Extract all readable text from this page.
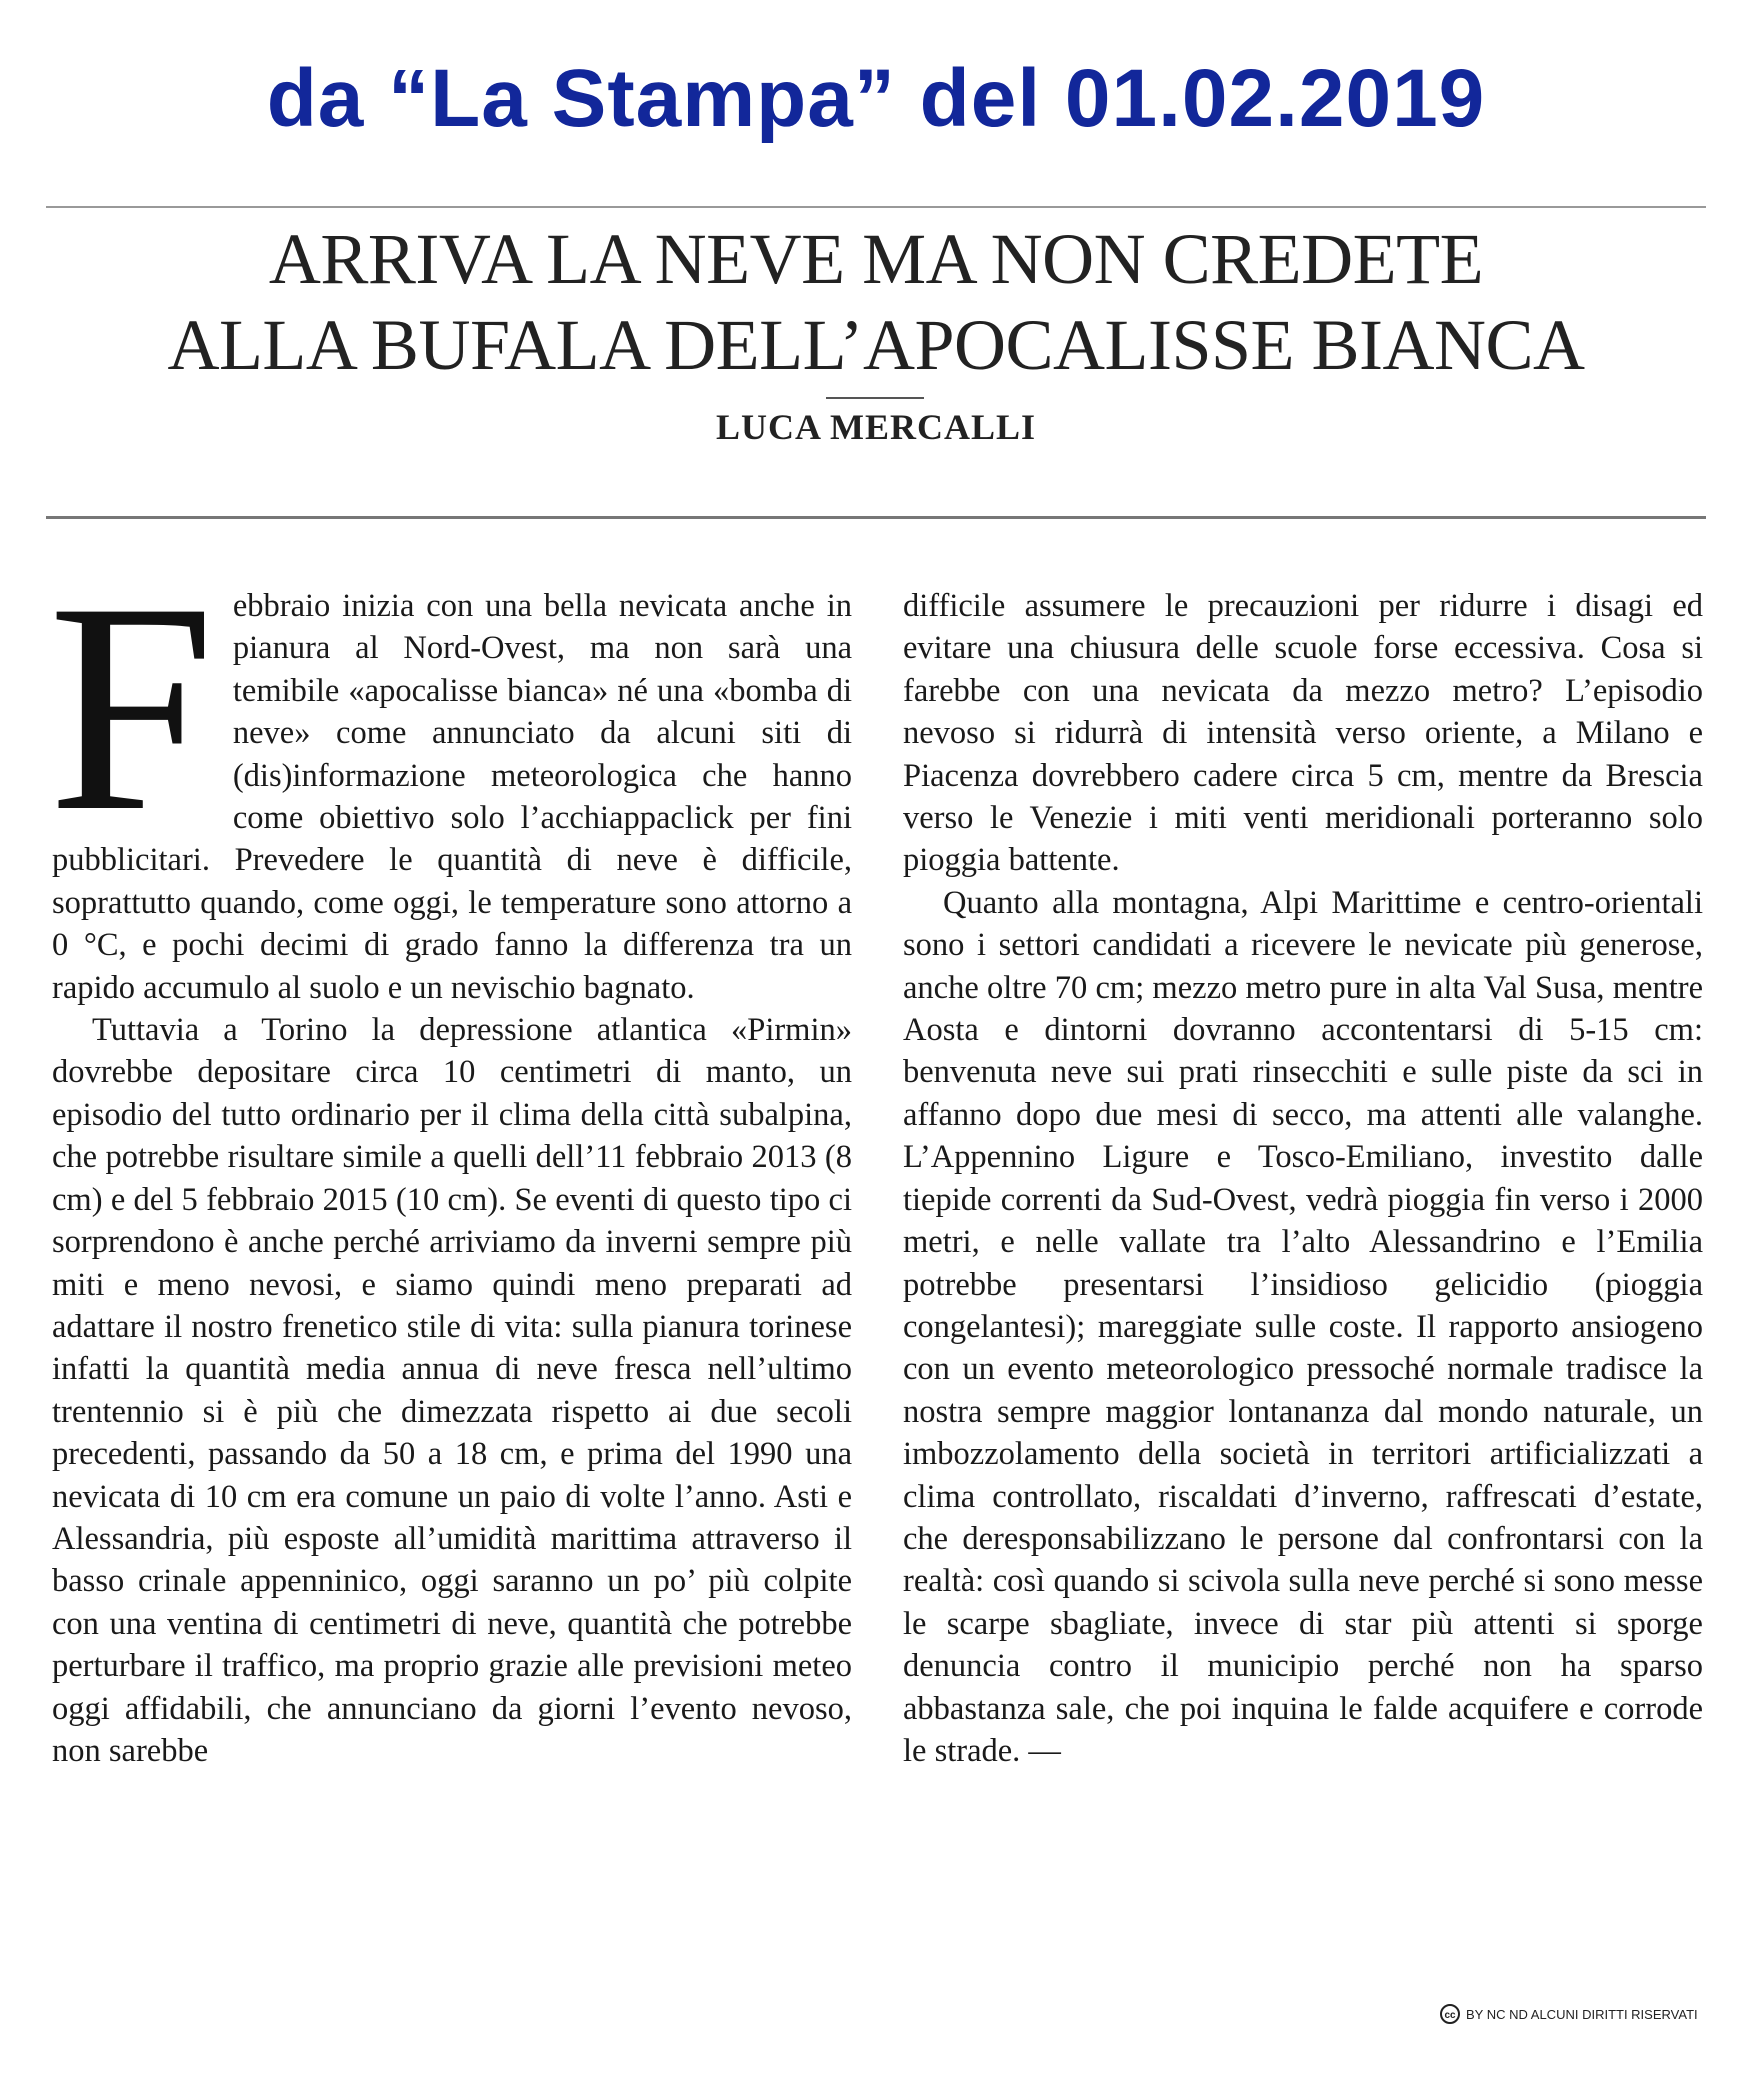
da “La Stampa” del 01.02.2019
ARRIVA LA NEVE MA NON CREDETE
ALLA BUFALA DELL’APOCALISSE BIANCA
LUCA MERCALLI

Febbraio inizia con una bella nevicata anche in pianura al Nord-Ovest, ma non sarà una temibile «apocalisse bianca» né una «bomba di neve» come annunciato da alcuni siti di (dis)informazione meteorologica che hanno come obiettivo solo l’acchiappaclick per fini pubblicitari. Prevedere le quantità di neve è difficile, soprattutto quando, come oggi, le temperature sono attorno a 0 °C, e pochi decimi di grado fanno la differenza tra un rapido accumulo al suolo e un nevischio bagnato.

Tuttavia a Torino la depressione atlantica «Pirmin» dovrebbe depositare circa 10 centimetri di manto, un episodio del tutto ordinario per il clima della città subalpina, che potrebbe risultare simile a quelli dell’11 febbraio 2013 (8 cm) e del 5 febbraio 2015 (10 cm). Se eventi di questo tipo ci sorprendono è anche perché arriviamo da inverni sempre più miti e meno nevosi, e siamo quindi meno preparati ad adattare il nostro frenetico stile di vita: sulla pianura torinese infatti la quantità media annua di neve fresca nell’ultimo trentennio si è più che dimezzata rispetto ai due secoli precedenti, passando da 50 a 18 cm, e prima del 1990 una nevicata di 10 cm era comune un paio di volte l’anno. Asti e Alessandria, più esposte all’umidità marittima attraverso il basso crinale appenninico, oggi saranno un po’ più colpite con una ventina di centimetri di neve, quantità che potrebbe perturbare il traffico, ma proprio grazie alle previsioni meteo oggi affidabili, che annunciano da giorni l’evento nevoso, non sarebbe

difficile assumere le precauzioni per ridurre i disagi ed evitare una chiusura delle scuole forse eccessiva. Cosa si farebbe con una nevicata da mezzo metro? L’episodio nevoso si ridurrà di intensità verso oriente, a Milano e Piacenza dovrebbero cadere circa 5 cm, mentre da Brescia verso le Venezie i miti venti meridionali porteranno solo pioggia battente.

Quanto alla montagna, Alpi Marittime e centro-orientali sono i settori candidati a ricevere le nevicate più generose, anche oltre 70 cm; mezzo metro pure in alta Val Susa, mentre Aosta e dintorni dovranno accontentarsi di 5-15 cm: benvenuta neve sui prati rinsecchiti e sulle piste da sci in affanno dopo due mesi di secco, ma attenti alle valanghe. L’Appennino Ligure e Tosco-Emiliano, investito dalle tiepide correnti da Sud-Ovest, vedrà pioggia fin verso i 2000 metri, e nelle vallate tra l’alto Alessandrino e l’Emilia potrebbe presentarsi l’insidioso gelicidio (pioggia congelantesi); mareggiate sulle coste. Il rapporto ansiogeno con un evento meteorologico pressoché normale tradisce la nostra sempre maggior lontananza dal mondo naturale, un imbozzolamento della società in territori artificializzati a clima controllato, riscaldati d’inverno, raffrescati d’estate, che deresponsabilizzano le persone dal confrontarsi con la realtà: così quando si scivola sulla neve perché si sono messe le scarpe sbagliate, invece di star più attenti si sporge denuncia contro il municipio perché non ha sparso abbastanza sale, che poi inquina le falde acquifere e corrode le strade. —

cc BY NC ND ALCUNI DIRITTI RISERVATI
